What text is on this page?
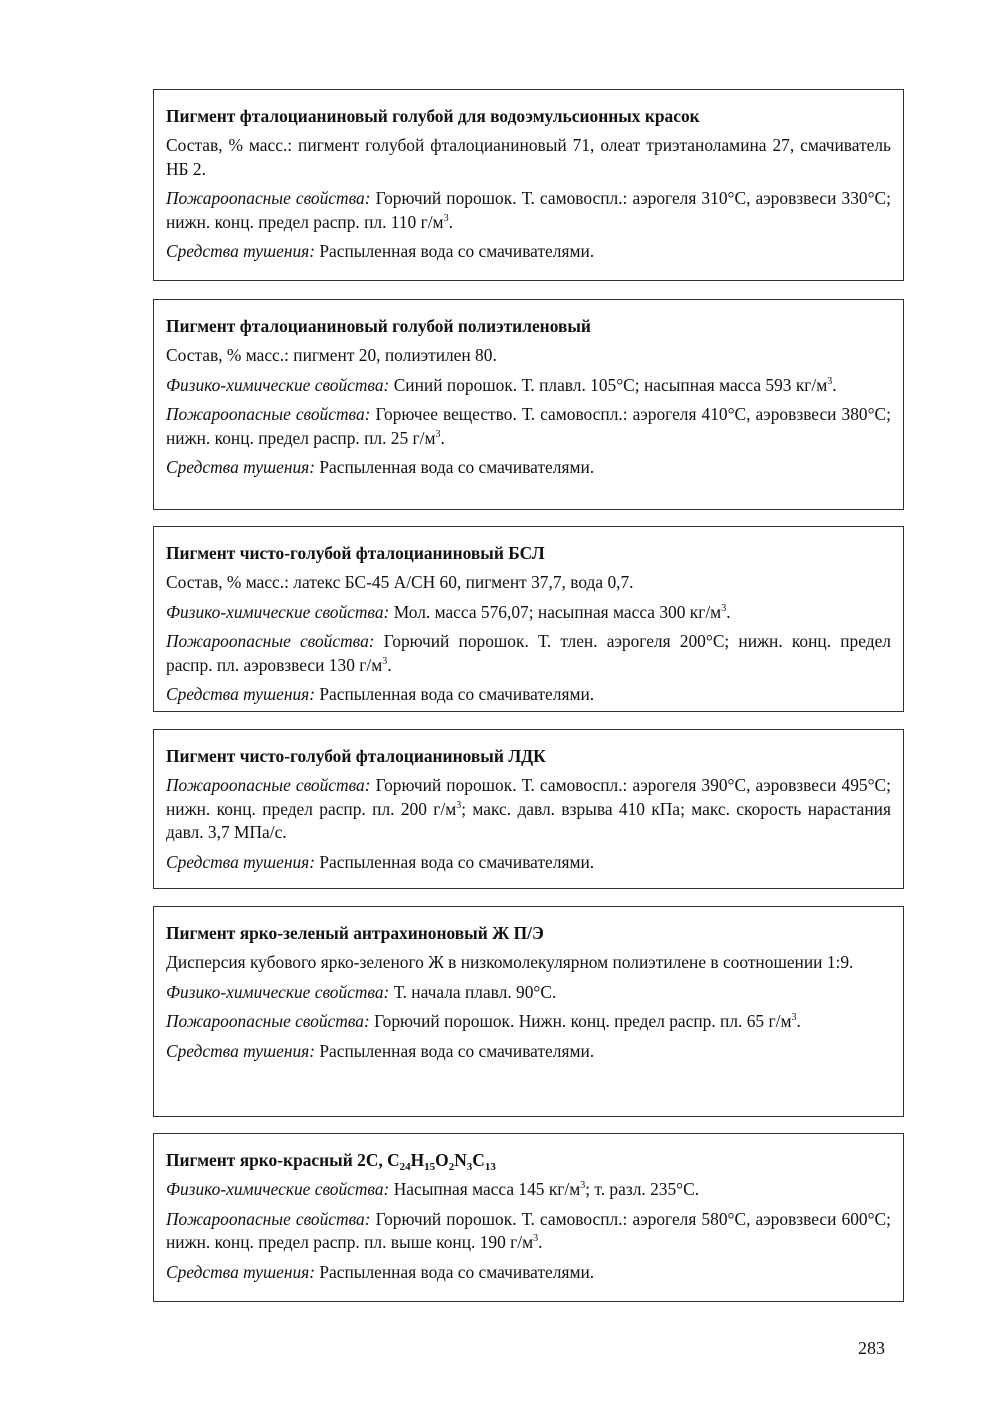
Пигмент фталоцианиновый голубой для водоэмульсионных красок

Состав, % масс.: пигмент голубой фталоцианиновый 71, олеат триэтаноламина 27, смачиватель НБ 2.

Пожароопасные свойства: Горючий порошок. Т. самовоспл.: аэрогеля 310°С, аэровзвеси 330°С; нижн. конц. предел распр. пл. 110 $г/м^3$.

Средства тушения: Распыленная вода со смачивателями.

Пигмент фталоцианиновый голубой полиэтиленовый

Состав, % масс.: пигмент 20, полиэтилен 80.

Физико-химические свойства: Синий порошок. Т. плавл. 105°С; насыпная масса 593 $кг/м^3$.

Пожароопасные свойства: Горючее вещество. Т. самовоспл.: аэрогеля 410°С, аэровзвеси 380°С; нижн. конц. предел распр. пл. 25 $г/м^3$.

Средства тушения: Распыленная вода со смачивателями.

Пигмент чисто-голубой фталоцианиновый БСЛ

Состав, % масс.: латекс БС-45 А/СН 60, пигмент 37,7, вода 0,7.

Физико-химические свойства: Мол. масса 576,07; насыпная масса 300 $кг/м^3$.

Пожароопасные свойства: Горючий порошок. Т. тлен. аэрогеля 200°С; нижн. конц. предел распр. пл. аэровзвеси 130 $г/м^3$.

Средства тушения: Распыленная вода со смачивателями.

Пигмент чисто-голубой фталоцианиновый ЛДК

Пожароопасные свойства: Горючий порошок. Т. самовоспл.: аэрогеля 390°С, аэровзвеси 495°С; нижн. конц. предел распр. пл. 200 $г/м^3$; макс. давл. взрыва 410 кПа; макс. скорость нарастания давл. 3,7 МПа/с.

Средства тушения: Распыленная вода со смачивателями.

Пигмент ярко-зеленый антрахиноновый Ж П/Э

Дисперсия кубового ярко-зеленого Ж в низкомолекулярном полиэтилене в соотношении 1:9.

Физико-химические свойства: Т. начала плавл. 90°С.

Пожароопасные свойства: Горючий порошок. Нижн. конц. предел распр. пл. 65 $г/м^3$.

Средства тушения: Распыленная вода со смачивателями.

Пигмент ярко-красный 2С, $C_{24}H_{15}O_2N_3C_{13}$

Физико-химические свойства: Насыпная масса 145 $кг/м^3$; т. разл. 235°С.

Пожароопасные свойства: Горючий порошок. Т. самовоспл.: аэрогеля 580°С, аэровзвеси 600°С; нижн. конц. предел распр. пл. выше конц. 190 $г/м^3$.

Средства тушения: Распыленная вода со смачивателями.

283
